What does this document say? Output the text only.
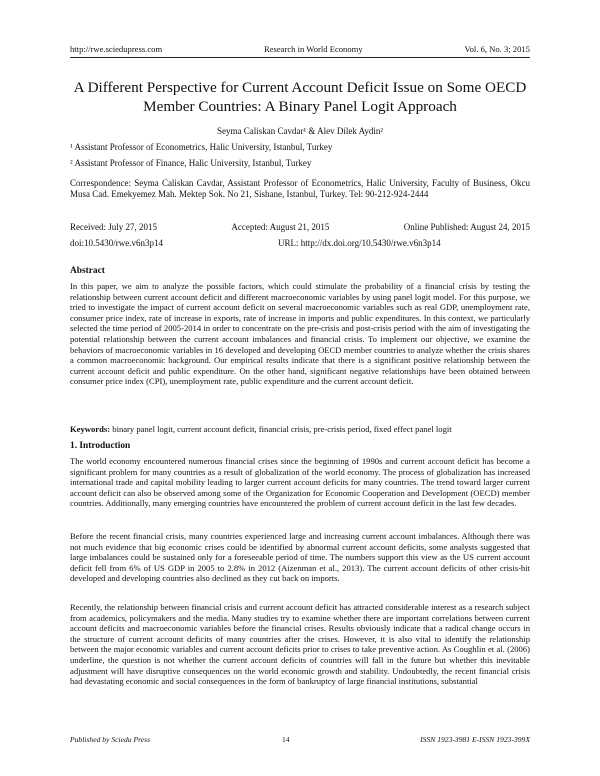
http://rwe.sciedupress.com	Research in World Economy	Vol. 6, No. 3; 2015
A Different Perspective for Current Account Deficit Issue on Some OECD Member Countries: A Binary Panel Logit Approach
Seyma Caliskan Cavdar¹ & Alev Dilek Aydin²
¹ Assistant Professor of Econometrics, Halic University, Istanbul, Turkey
² Assistant Professor of Finance, Halic University, Istanbul, Turkey
Correspondence: Seyma Caliskan Cavdar, Assistant Professor of Econometrics, Halic University, Faculty of Business, Okcu Musa Cad. Emekyemez Mah. Mektep Sok. No 21, Sishane, Istanbul, Turkey. Tel: 90-212-924-2444
Received: July 27, 2015	Accepted: August 21, 2015	Online Published: August 24, 2015
doi:10.5430/rwe.v6n3p14	URL: http://dx.doi.org/10.5430/rwe.v6n3p14
Abstract
In this paper, we aim to analyze the possible factors, which could stimulate the probability of a financial crisis by testing the relationship between current account deficit and different macroeconomic variables by using panel logit model. For this purpose, we tried to investigate the impact of current account deficit on several macroeconomic variables such as real GDP, unemployment rate, consumer price index, rate of increase in exports, rate of increase in imports and public expenditures. In this context, we particularly selected the time period of 2005-2014 in order to concentrate on the pre-crisis and post-crisis period with the aim of investigating the potential relationship between the current account imbalances and financial crisis. To implement our objective, we examine the behaviors of macroeconomic variables in 16 developed and developing OECD member countries to analyze whether the crisis shares a common macroeconomic background. Our empirical results indicate that there is a significant positive relationship between the current account deficit and public expenditure. On the other hand, significant negative relationships have been obtained between consumer price index (CPI), unemployment rate, public expenditure and the current account deficit.
Keywords: binary panel logit, current account deficit, financial crisis, pre-crisis period, fixed effect panel logit
1. Introduction
The world economy encountered numerous financial crises since the beginning of 1990s and current account deficit has become a significant problem for many countries as a result of globalization of the world economy. The process of globalization has increased international trade and capital mobility leading to larger current account deficits for many countries. The trend toward larger current account deficit can also be observed among some of the Organization for Economic Cooperation and Development (OECD) member countries. Additionally, many emerging countries have encountered the problem of current account deficit in the last few decades.
Before the recent financial crisis, many countries experienced large and increasing current account imbalances. Although there was not much evidence that big economic crises could be identified by abnormal current account deficits, some analysts suggested that large imbalances could be sustained only for a foreseeable period of time. The numbers support this view as the US current account deficit fell from 6% of US GDP in 2005 to 2.8% in 2012 (Aizenman et al., 2013). The current account deficits of other crisis-hit developed and developing countries also declined as they cut back on imports.
Recently, the relationship between financial crisis and current account deficit has attracted considerable interest as a research subject from academics, policymakers and the media. Many studies try to examine whether there are important correlations between current account deficits and macroeconomic variables before the financial crises. Results obviously indicate that a radical change occurs in the structure of current account deficits of many countries after the crises. However, it is also vital to identify the relationship between the major economic variables and current account deficits prior to crises to take preventive action. As Coughlin et al. (2006) underline, the question is not whether the current account deficits of countries will fall in the future but whether this inevitable adjustment will have disruptive consequences on the world economic growth and stability. Undoubtedly, the recent financial crisis had devastating economic and social consequences in the form of bankruptcy of large financial institutions, substantial
Published by Sciedu Press	14	ISSN 1923-3981 E-ISSN 1923-399X
